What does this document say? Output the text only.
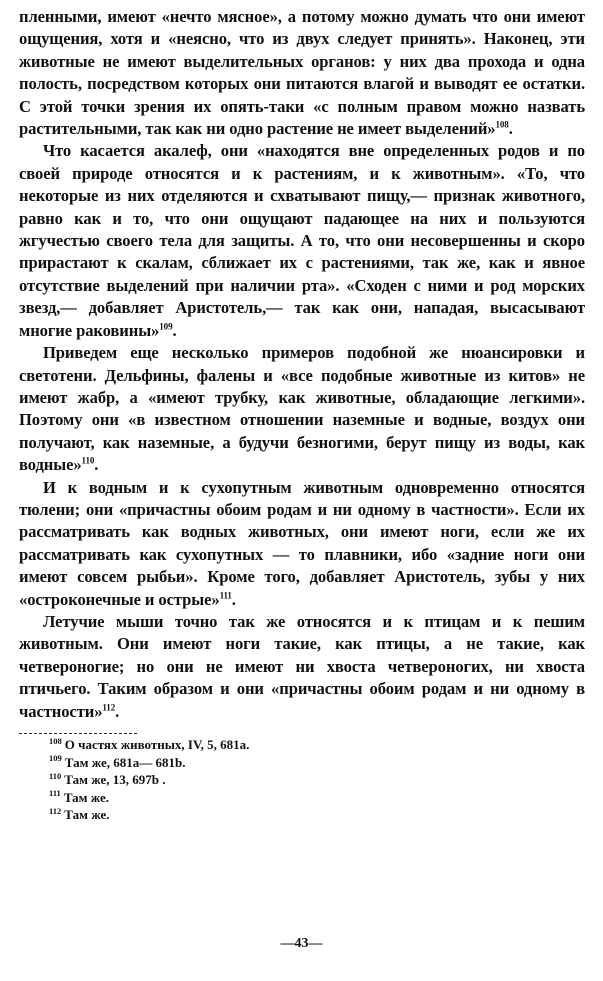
пленными, имеют «нечто мясное», а потому можно думать что они имеют ощущения, хотя и «неясно, что из двух следует принять». Наконец, эти животные не имеют выделительных органов: у них два прохода и одна полость, посредством которых они питаются влагой и выводят ее остатки. С этой точки зрения их опять-таки «с полным правом можно назвать растительными, так как ни одно растение не имеет выделений»$^{108}$.

Что касается акалеф, они «находятся вне определенных родов и по своей природе относятся и к растениям, и к животным». «То, что некоторые из них отделяются и схватывают пищу,— признак животного, равно как и то, что они ощущают падающее на них и пользуются жгучестью своего тела для защиты. А то, что они несовершенны и скоро прирастают к скалам, сближает их с растениями, так же, как и явное отсутствие выделений при наличии рта». «Сходен с ними и род морских звезд,— добавляет Аристотель,— так как они, нападая, высасывают многие раковины»$^{109}$.

Приведем еще несколько примеров подобной же нюансировки и светотени. Дельфины, фалены и «все подобные животные из китов» не имеют жабр, а «имеют трубку, как животные, обладающие легкими». Поэтому они «в известном отношении наземные и водные, воздух они получают, как наземные, а будучи безногими, берут пищу из воды, как водные»$^{110}$.

И к водным и к сухопутным животным одновременно относятся тюлени; они «причастны обоим родам и ни одному в частности». Если их рассматривать как водных животных, они имеют ноги, если же их рассматривать как сухопутных — то плавники, ибо «задние ноги они имеют совсем рыбьи». Кроме того, добавляет Аристотель, зубы у них «остроконечные и острые»$^{111}$.

Летучие мыши точно так же относятся и к птицам и к пешим животным. Они имеют ноги такие, как птицы, а не такие, как четвероногие; но они не имеют ни хвоста четвероногих, ни хвоста птичьего. Таким образом и они «причастны обоим родам и ни одному в частности»$^{112}$.

$^{108}$ О частях животных, IV, 5, 681a.
$^{109}$ Там же, 681a— 681b.
$^{110}$ Там же, 13, 697b .
$^{111}$ Там же.
$^{112}$ Там же.
—43—
